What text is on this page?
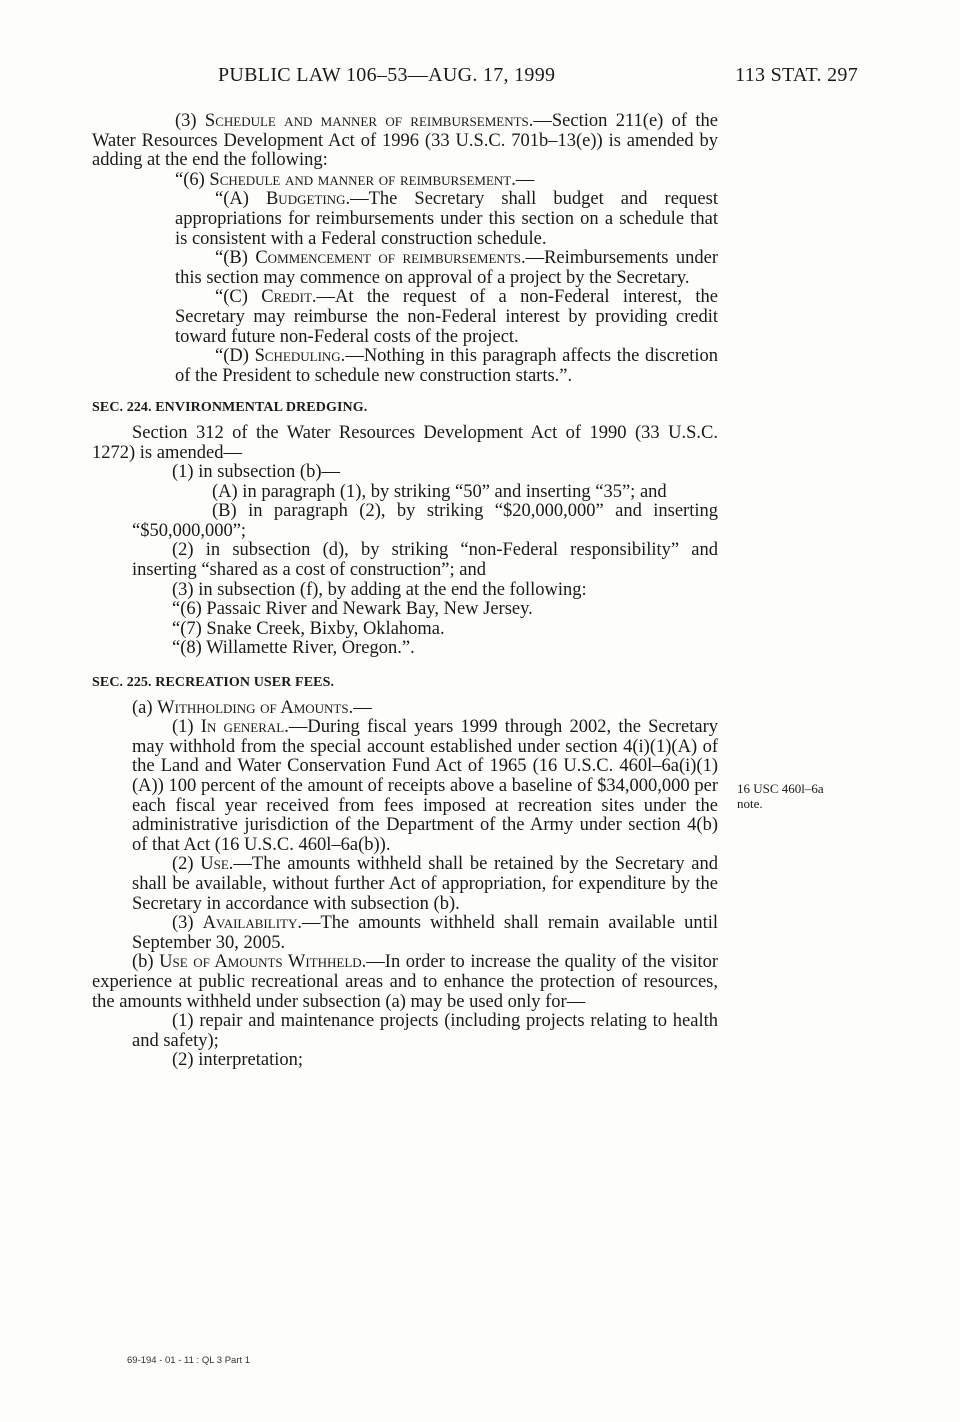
PUBLIC LAW 106–53—AUG. 17, 1999	113 STAT. 297
16 USC 460l–6a
note.

(3) Schedule and manner of reimbursements.—Section 211(e) of the Water Resources Development Act of 1996 (33 U.S.C. 701b–13(e)) is amended by adding at the end the following:

“(6) Schedule and manner of reimbursement.—

“(A) Budgeting.—The Secretary shall budget and request appropriations for reimbursements under this section on a schedule that is consistent with a Federal construction schedule.

“(B) Commencement of reimbursements.—Reimbursements under this section may commence on approval of a project by the Secretary.

“(C) Credit.—At the request of a non-Federal interest, the Secretary may reimburse the non-Federal interest by providing credit toward future non-Federal costs of the project.

“(D) Scheduling.—Nothing in this paragraph affects the discretion of the President to schedule new construction starts.”.

SEC. 224. ENVIRONMENTAL DREDGING.

Section 312 of the Water Resources Development Act of 1990 (33 U.S.C. 1272) is amended—

(1) in subsection (b)—

(A) in paragraph (1), by striking “50” and inserting “35”; and

(B) in paragraph (2), by striking “$20,000,000” and inserting “$50,000,000”;

(2) in subsection (d), by striking “non-Federal responsibility” and inserting “shared as a cost of construction”; and

(3) in subsection (f), by adding at the end the following:

“(6) Passaic River and Newark Bay, New Jersey.

“(7) Snake Creek, Bixby, Oklahoma.

“(8) Willamette River, Oregon.”.

SEC. 225. RECREATION USER FEES.

(a) Withholding of Amounts.—

(1) In general.—During fiscal years 1999 through 2002, the Secretary may withhold from the special account established under section 4(i)(1)(A) of the Land and Water Conservation Fund Act of 1965 (16 U.S.C. 460l–6a(i)(1)(A)) 100 percent of the amount of receipts above a baseline of $34,000,000 per each fiscal year received from fees imposed at recreation sites under the administrative jurisdiction of the Department of the Army under section 4(b) of that Act (16 U.S.C. 460l–6a(b)).

(2) Use.—The amounts withheld shall be retained by the Secretary and shall be available, without further Act of appropriation, for expenditure by the Secretary in accordance with subsection (b).

(3) Availability.—The amounts withheld shall remain available until September 30, 2005.

(b) Use of Amounts Withheld.—In order to increase the quality of the visitor experience at public recreational areas and to enhance the protection of resources, the amounts withheld under subsection (a) may be used only for—

(1) repair and maintenance projects (including projects relating to health and safety);

(2) interpretation;

69-194 - 01 - 11 : QL 3 Part 1
